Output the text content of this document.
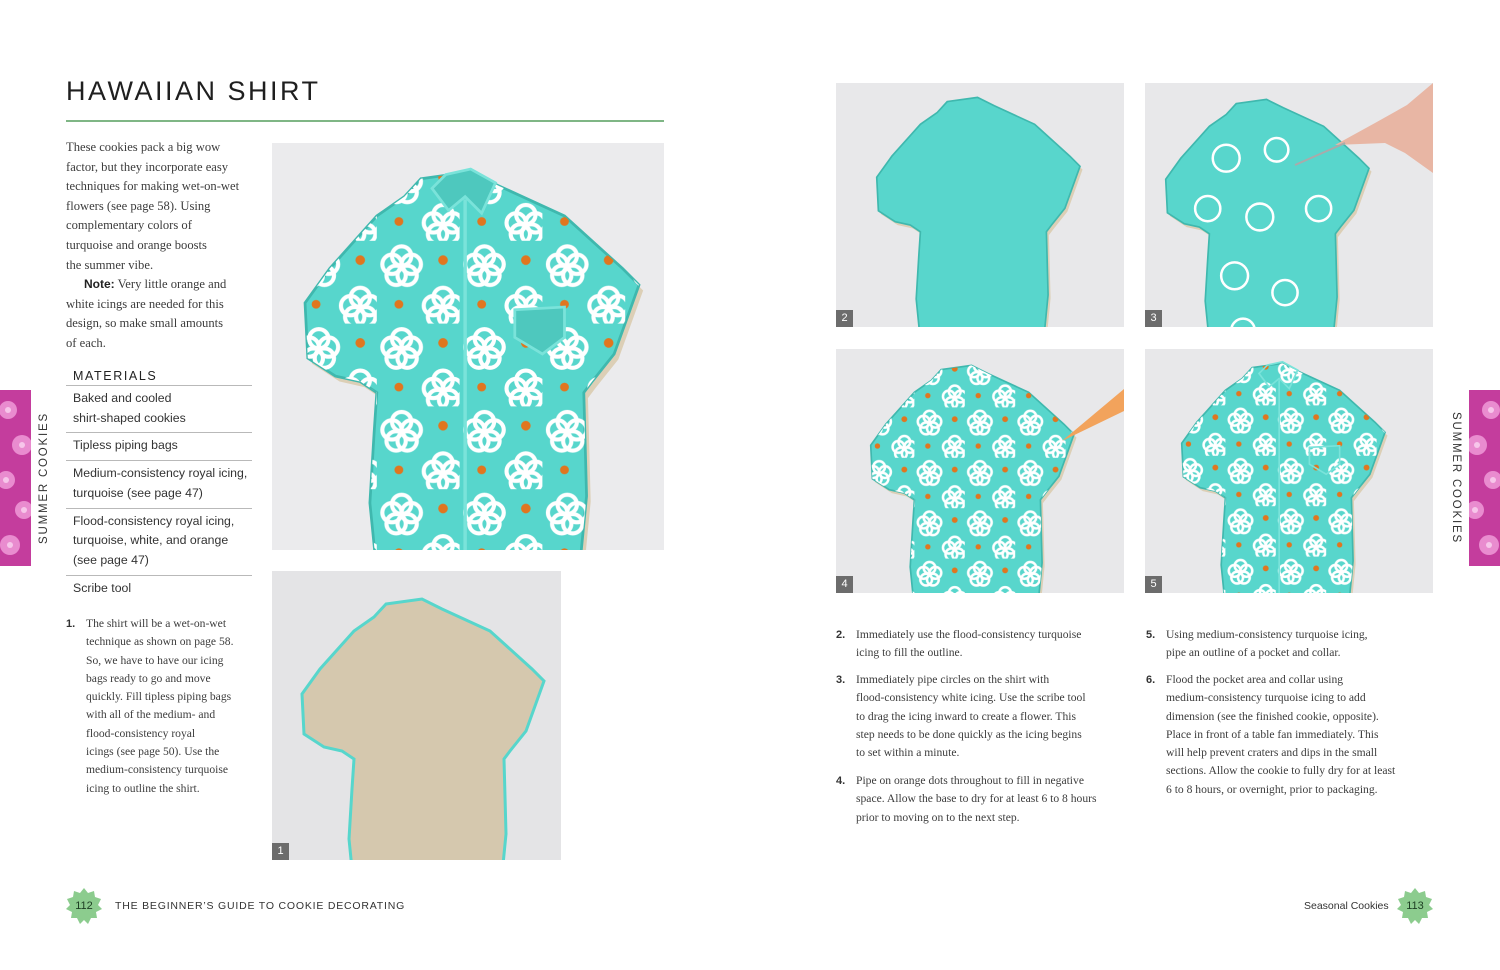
HAWAIIAN SHIRT
These cookies pack a big wow
factor, but they incorporate easy
techniques for making wet-on-wet
flowers (see page 58). Using
complementary colors of
turquoise and orange boosts
the summer vibe.
Note: Very little orange and
white icings are needed for this
design, so make small amounts
of each.
MATERIALS
Baked and cooled
shirt-shaped cookies
Tipless piping bags
Medium-consistency royal icing,
turquoise (see page 47)
Flood-consistency royal icing,
turquoise, white, and orange
(see page 47)
Scribe tool
1. The shirt will be a wet-on-wet
technique as shown on page 58.
So, we have to have our icing
bags ready to go and move
quickly. Fill tipless piping bags
with all of the medium- and
flood-consistency royal
icings (see page 50). Use the
medium-consistency turquoise
icing to outline the shirt.
2. Immediately use the flood-consistency turquoise
icing to fill the outline.
3. Immediately pipe circles on the shirt with
flood-consistency white icing. Use the scribe tool
to drag the icing inward to create a flower. This
step needs to be done quickly as the icing begins
to set within a minute.
4. Pipe on orange dots throughout to fill in negative
space. Allow the base to dry for at least 6 to 8 hours
prior to moving on to the next step.
5. Using medium-consistency turquoise icing,
pipe an outline of a pocket and collar.
6. Flood the pocket area and collar using
medium-consistency turquoise icing to add
dimension (see the finished cookie, opposite).
Place in front of a table fan immediately. This
will help prevent craters and dips in the small
sections. Allow the cookie to fully dry for at least
6 to 8 hours, or overnight, prior to packaging.
1
2	3
4	5
SUMMER COOKIES	SUMMER COOKIES
112	THE BEGINNER’S GUIDE TO COOKIE DECORATING	Seasonal Cookies	113
